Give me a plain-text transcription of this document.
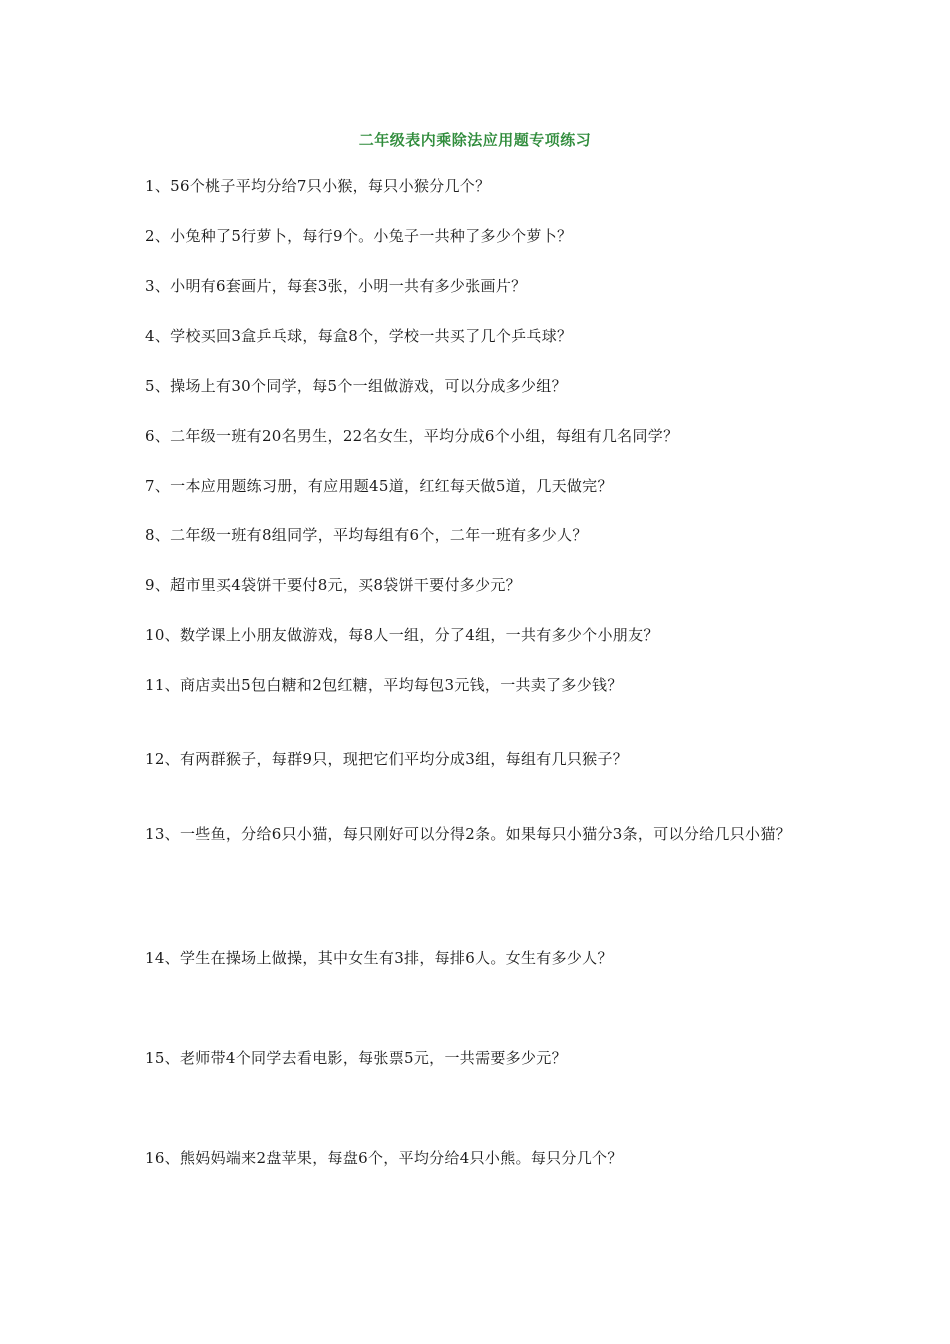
二年级表内乘除法应用题专项练习
1、56个桃子平均分给7只小猴，每只小猴分几个？
2、小兔种了5行萝卜，每行9个。小兔子一共种了多少个萝卜？
3、小明有6套画片，每套3张，小明一共有多少张画片？
4、学校买回3盒乒乓球，每盒8个，学校一共买了几个乒乓球？
5、操场上有30个同学，每5个一组做游戏，可以分成多少组？
6、二年级一班有20名男生，22名女生，平均分成6个小组，每组有几名同学？
7、一本应用题练习册，有应用题45道，红红每天做5道，几天做完？
8、二年级一班有8组同学，平均每组有6个，二年一班有多少人？
9、超市里买4袋饼干要付8元，买8袋饼干要付多少元？
10、数学课上小朋友做游戏，每8人一组，分了4组，一共有多少个小朋友？
11、商店卖出5包白糖和2包红糖，平均每包3元钱，一共卖了多少钱？
12、有两群猴子，每群9只，现把它们平均分成3组，每组有几只猴子？
13、一些鱼，分给6只小猫，每只刚好可以分得2条。如果每只小猫分3条，可以分给几只小猫？
14、学生在操场上做操，其中女生有3排，每排6人。女生有多少人？
15、老师带4个同学去看电影，每张票5元，一共需要多少元？
16、熊妈妈端来2盘苹果，每盘6个，平均分给4只小熊。每只分几个？
